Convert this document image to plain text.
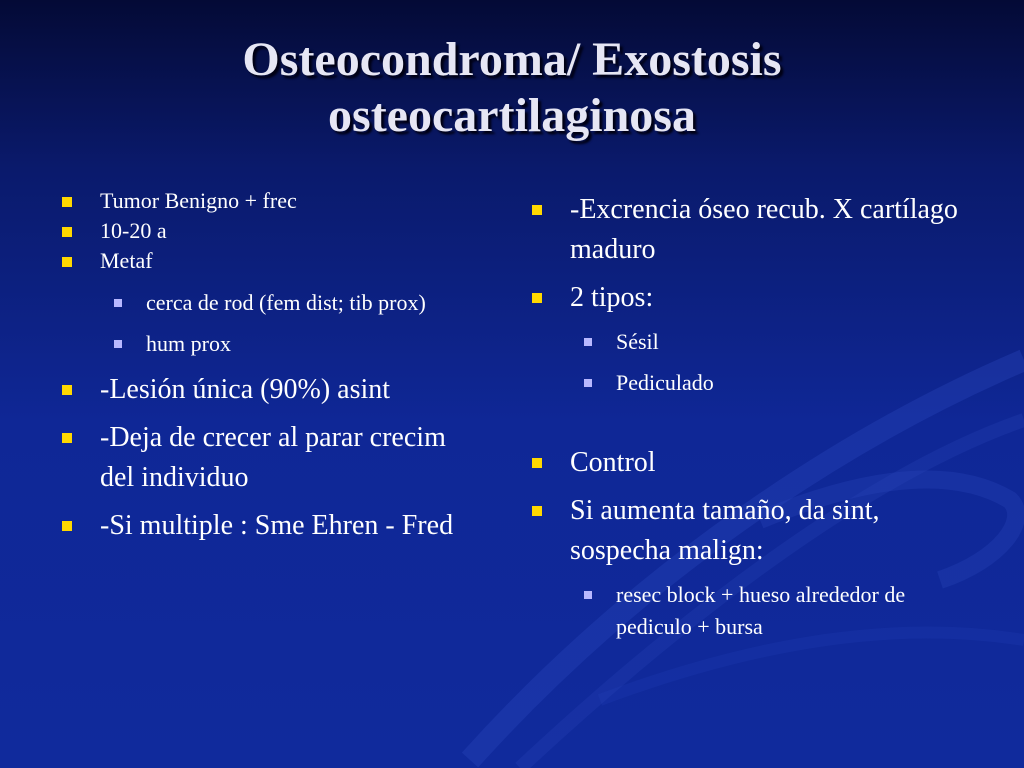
Osteocondroma/ Exostosis
osteocartilaginosa
Tumor Benigno + frec
10-20 a
Metaf
cerca de rod (fem dist; tib prox)
hum prox
-Lesión única (90%) asint
-Deja de crecer al parar crecim del individuo
-Si multiple : Sme Ehren - Fred
-Excrencia óseo recub. X cartílago maduro
2 tipos:
Sésil
Pediculado
Control
Si aumenta tamaño, da sint, sospecha malign:
resec block + hueso alrededor de pediculo + bursa
